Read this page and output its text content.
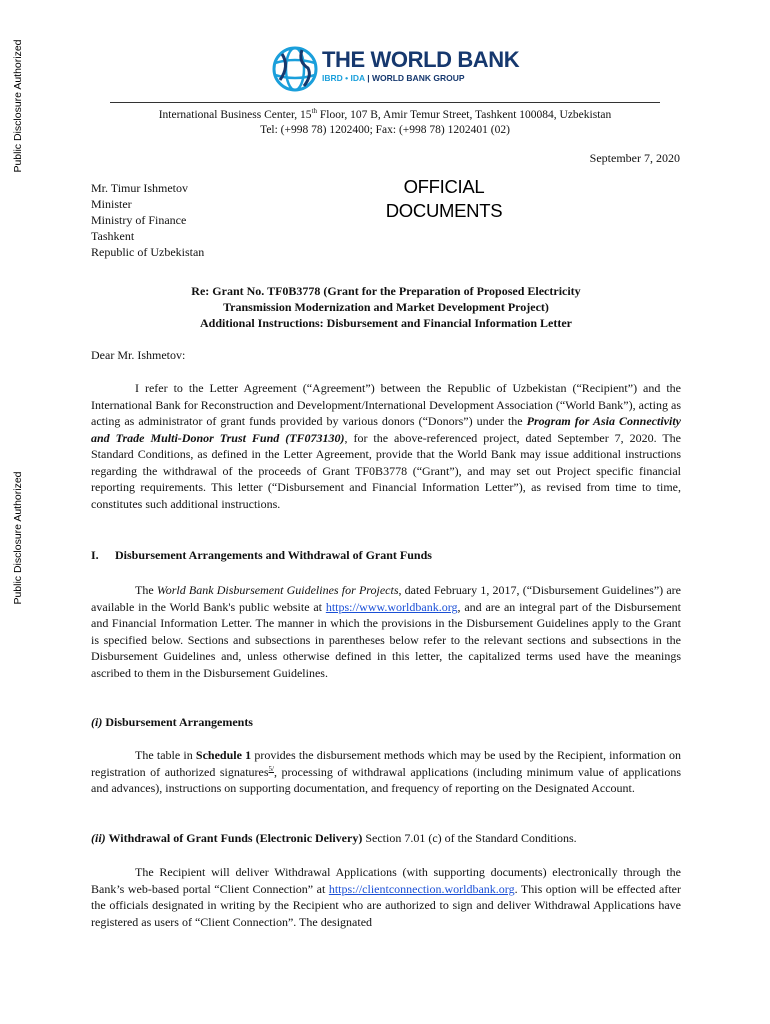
Public Disclosure Authorized
Public Disclosure Authorized
THE WORLD BANK
IBRD • IDA | WORLD BANK GROUP
International Business Center, 15th Floor, 107 B, Amir Temur Street, Tashkent 100084, Uzbekistan
Tel: (+998 78) 1202400; Fax: (+998 78) 1202401 (02)
September 7, 2020
OFFICIAL
DOCUMENTS
Mr. Timur Ishmetov
Minister
Ministry of Finance
Tashkent
Republic of Uzbekistan
Re: Grant No. TF0B3778 (Grant for the Preparation of Proposed Electricity
Transmission Modernization and Market Development Project)
Additional Instructions: Disbursement and Financial Information Letter
Dear Mr. Ishmetov:

I refer to the Letter Agreement (“Agreement”) between the Republic of Uzbekistan (“Recipient”) and the International Bank for Reconstruction and Development/International Development Association (“World Bank”), acting as acting as administrator of grant funds provided by various donors (“Donors”) under the Program for Asia Connectivity and Trade Multi-Donor Trust Fund (TF073130), for the above-referenced project, dated September 7, 2020. The Standard Conditions, as defined in the Letter Agreement, provide that the World Bank may issue additional instructions regarding the withdrawal of the proceeds of Grant TF0B3778 (“Grant”), and may set out Project specific financial reporting requirements. This letter (“Disbursement and Financial Information Letter”), as revised from time to time, constitutes such additional instructions.

I. Disbursement Arrangements and Withdrawal of Grant Funds

The World Bank Disbursement Guidelines for Projects, dated February 1, 2017, (“Disbursement Guidelines”) are available in the World Bank's public website at https://www.worldbank.org, and are an integral part of the Disbursement and Financial Information Letter. The manner in which the provisions in the Disbursement Guidelines apply to the Grant is specified below. Sections and subsections in parentheses below refer to the relevant sections and subsections in the Disbursement Guidelines and, unless otherwise defined in this letter, the capitalized terms used have the meanings ascribed to them in the Disbursement Guidelines.

(i) Disbursement Arrangements

The table in Schedule 1 provides the disbursement methods which may be used by the Recipient, information on registration of authorized signatures$^{5/}$, processing of withdrawal applications (including minimum value of applications and advances), instructions on supporting documentation, and frequency of reporting on the Designated Account.

(ii) Withdrawal of Grant Funds (Electronic Delivery) Section 7.01 (c) of the Standard Conditions.

The Recipient will deliver Withdrawal Applications (with supporting documents) electronically through the Bank’s web-based portal “Client Connection” at https://clientconnection.worldbank.org. This option will be effected after the officials designated in writing by the Recipient who are authorized to sign and deliver Withdrawal Applications have registered as users of “Client Connection”. The designated
